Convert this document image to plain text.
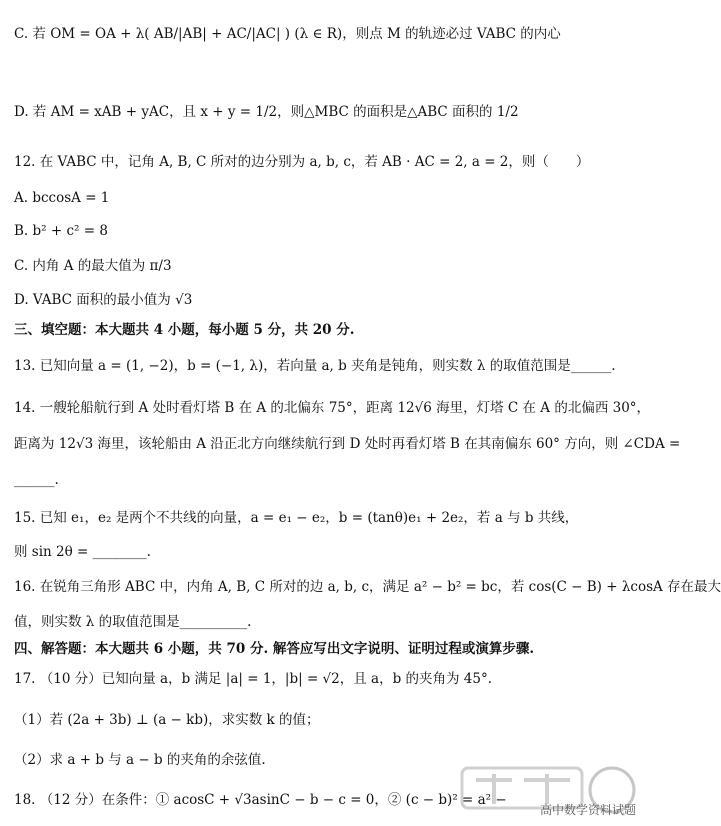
C. 若 OM = OA + λ( AB/|AB| + AC/|AC| ) (λ ∈ R)，则点 M 的轨迹必过 VABC 的内心
D. 若 AM = xAB + yAC，且 x + y = 1/2，则△MBC 的面积是△ABC 面积的 1/2
12. 在 VABC 中，记角 A, B, C 所对的边分别为 a, b, c，若 AB · AC = 2, a = 2，则（　　）
A. bccosA = 1
B. b² + c² = 8
C. 内角 A 的最大值为 π/3
D. VABC 面积的最小值为 √3
三、填空题：本大题共 4 小题，每小题 5 分，共 20 分.
13. 已知向量 a = (1, −2)，b = (−1, λ)，若向量 a, b 夹角是钝角，则实数 λ 的取值范围是______.
14. 一艘轮船航行到 A 处时看灯塔 B 在 A 的北偏东 75°，距离 12√6 海里，灯塔 C 在 A 的北偏西 30°，
距离为 12√3 海里，该轮船由 A 沿正北方向继续航行到 D 处时再看灯塔 B 在其南偏东 60° 方向，则 ∠CDA =
______.
15. 已知 e₁，e₂ 是两个不共线的向量，a = e₁ − e₂，b = (tanθ)e₁ + 2e₂，若 a 与 b 共线，
则 sin 2θ = ________.
16. 在锐角三角形 ABC 中，内角 A, B, C 所对的边 a, b, c，满足 a² − b² = bc，若 cos(C − B) + λcosA 存在最大
值，则实数 λ 的取值范围是__________.
四、解答题：本大题共 6 小题，共 70 分. 解答应写出文字说明、证明过程或演算步骤.
17. （10 分）已知向量 a，b 满足 |a| = 1，|b| = √2，且 a，b 的夹角为 45°.
（1）若 (2a + 3b) ⊥ (a − kb)，求实数 k 的值；
（2）求 a + b 与 a − b 的夹角的余弦值.
18. （12 分）在条件：① acosC + √3asinC − b − c = 0，② (c − b)² = a² −
高中数学资料试题
